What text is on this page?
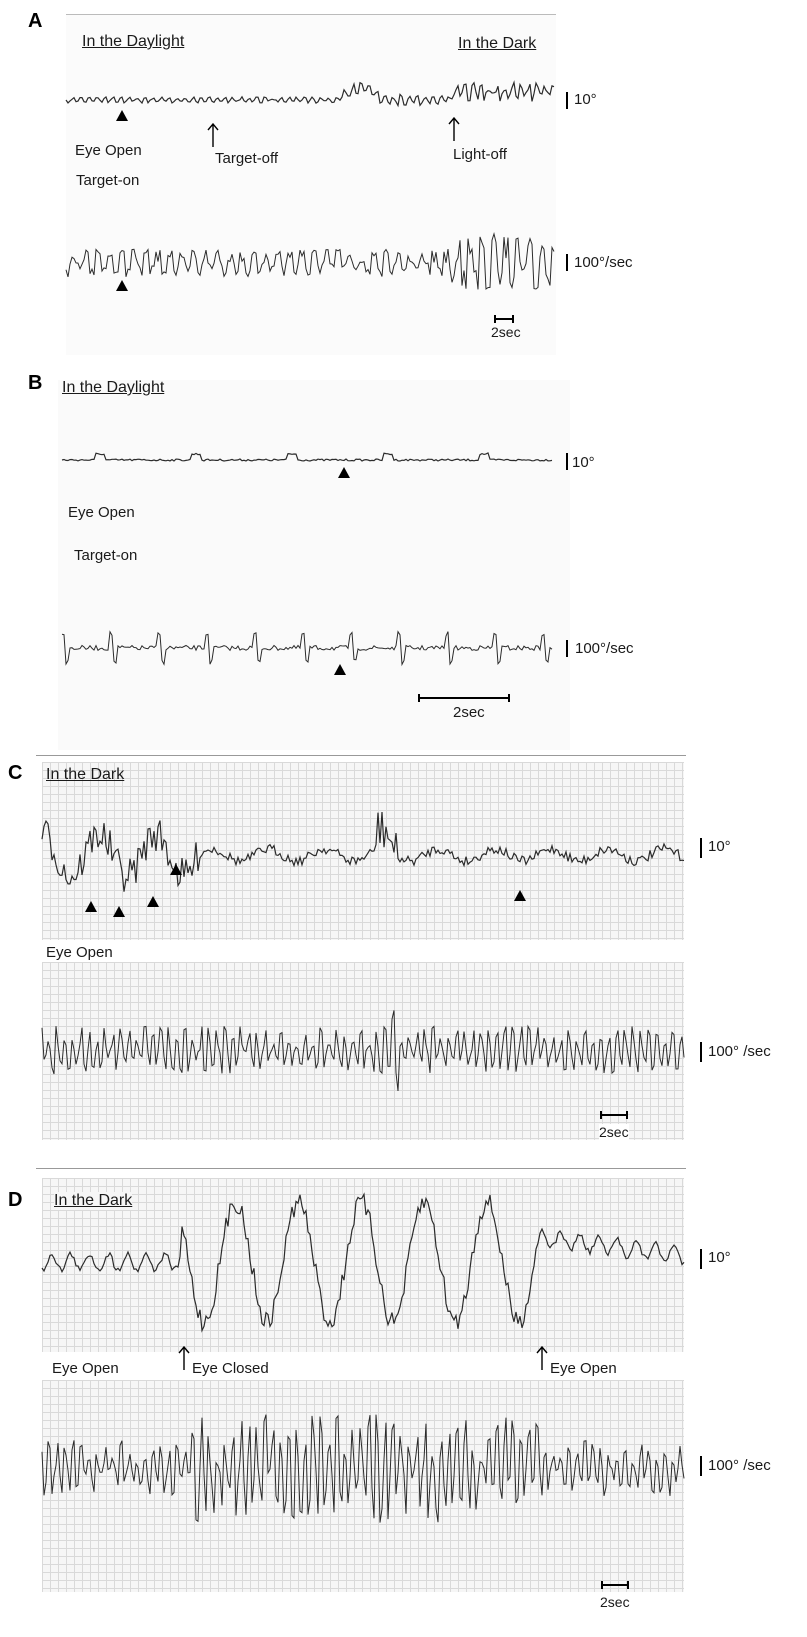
A
In the Daylight	In the Dark
Eye Open
Target-on
Target-off	Light-off
10°
100°/sec
2sec
B In the Daylight
Eye Open
Target-on
10°
100°/sec
2sec
C In the Dark
Eye Open
10°
100° /sec
2sec
D In the Dark
Eye Open	Eye Closed	Eye Open
10°
100° /sec
2sec
